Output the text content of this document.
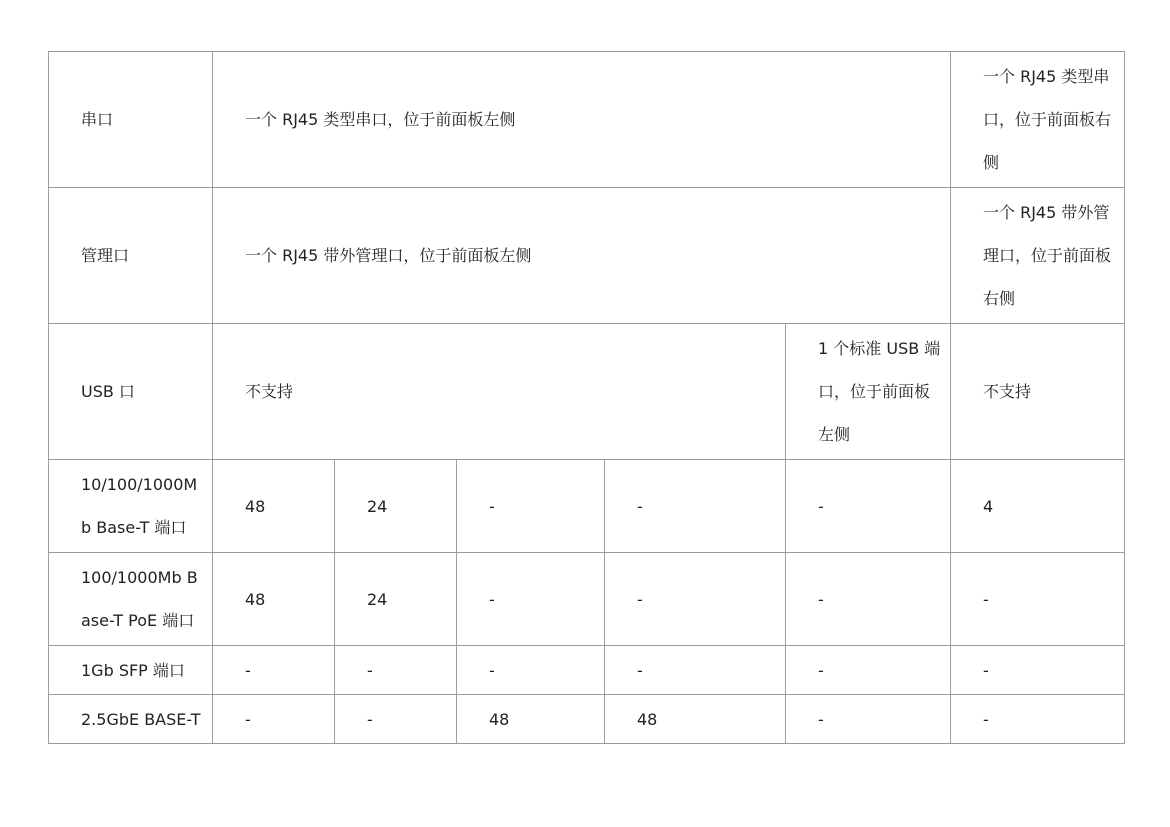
串口	一个 RJ45 类型串口，位于前面板左侧					一个 RJ45 类型串口，位于前面板右侧
管理口	一个 RJ45 带外管理口，位于前面板左侧					一个 RJ45 带外管理口，位于前面板右侧
USB 口	不支持				1 个标准 USB 端口，位于前面板左侧	不支持
10/100/1000Mb Base-T 端口	48	24	-	-	-	4
100/1000Mb Base-T PoE 端口	48	24	-	-	-	-
1Gb SFP 端口	-	-	-	-	-	-
2.5GbE BASE-T	-	-	48	48	-	-
